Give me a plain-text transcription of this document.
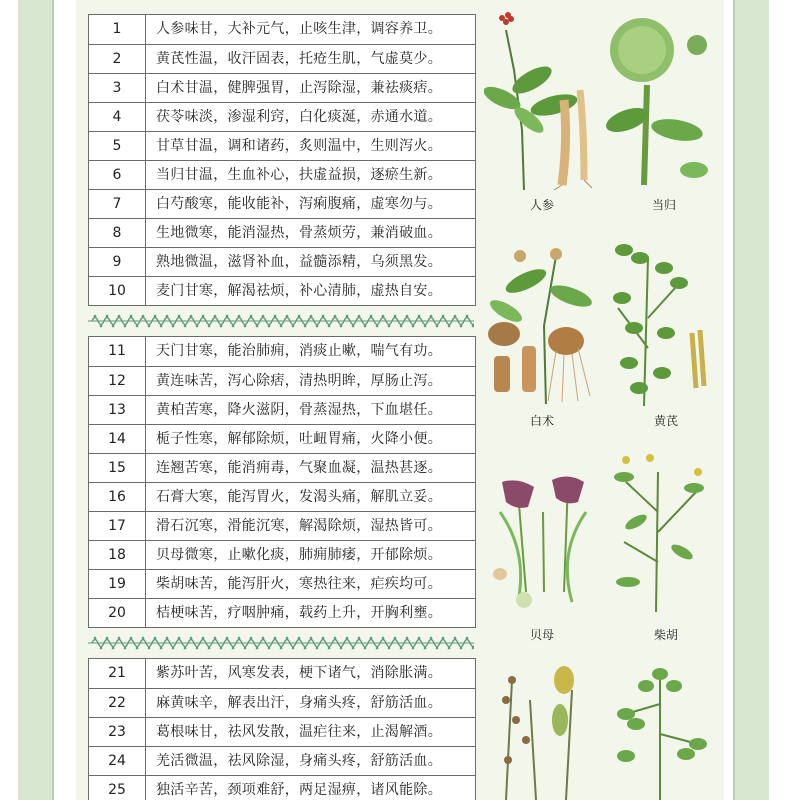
1	人参味甘，大补元气，止咳生津，调容养卫。
2	黄芪性温，收汗固表，托疮生肌，气虚莫少。
3	白术甘温，健脾强胃，止泻除湿，兼祛痰痞。
4	茯苓味淡，渗湿利窍，白化痰涎，赤通水道。
5	甘草甘温，调和诸药，炙则温中，生则泻火。
6	当归甘温，生血补心，扶虚益损，逐瘀生新。
7	白芍酸寒，能收能补，泻痢腹痛，虚寒勿与。
8	生地微寒，能消湿热，骨蒸烦劳，兼消破血。
9	熟地微温，滋肾补血，益髓添精，乌须黑发。
10	麦门甘寒，解渴祛烦，补心清肺，虚热自安。
11	天门甘寒，能治肺痈，消痰止嗽，喘气有功。
12	黄连味苦，泻心除痞，清热明眸，厚肠止泻。
13	黄柏苦寒，降火滋阴，骨蒸湿热，下血堪任。
14	栀子性寒，解郁除烦，吐衄胃痛，火降小便。
15	连翘苦寒，能消痈毒，气聚血凝，温热甚逐。
16	石膏大寒，能泻胃火，发渴头痛，解肌立妥。
17	滑石沉寒，滑能沉寒，解渴除烦，湿热皆可。
18	贝母微寒，止嗽化痰，肺痈肺痿，开郁除烦。
19	柴胡味苦，能泻肝火，寒热往来，疟疾均可。
20	桔梗味苦，疗咽肿痛，载药上升，开胸利壅。
21	紫苏叶苦，风寒发表，梗下诸气，消除胀满。
22	麻黄味辛，解表出汗，身痛头疼，舒筋活血。
23	葛根味甘，祛风发散，温疟往来，止渴解酒。
24	羌活微温，祛风除湿，身痛头疼，舒筋活血。
25	独活辛苦，颈项难舒，两足湿痹，诸风能除。
人参	当归
白术	黄芪
贝母	柴胡
